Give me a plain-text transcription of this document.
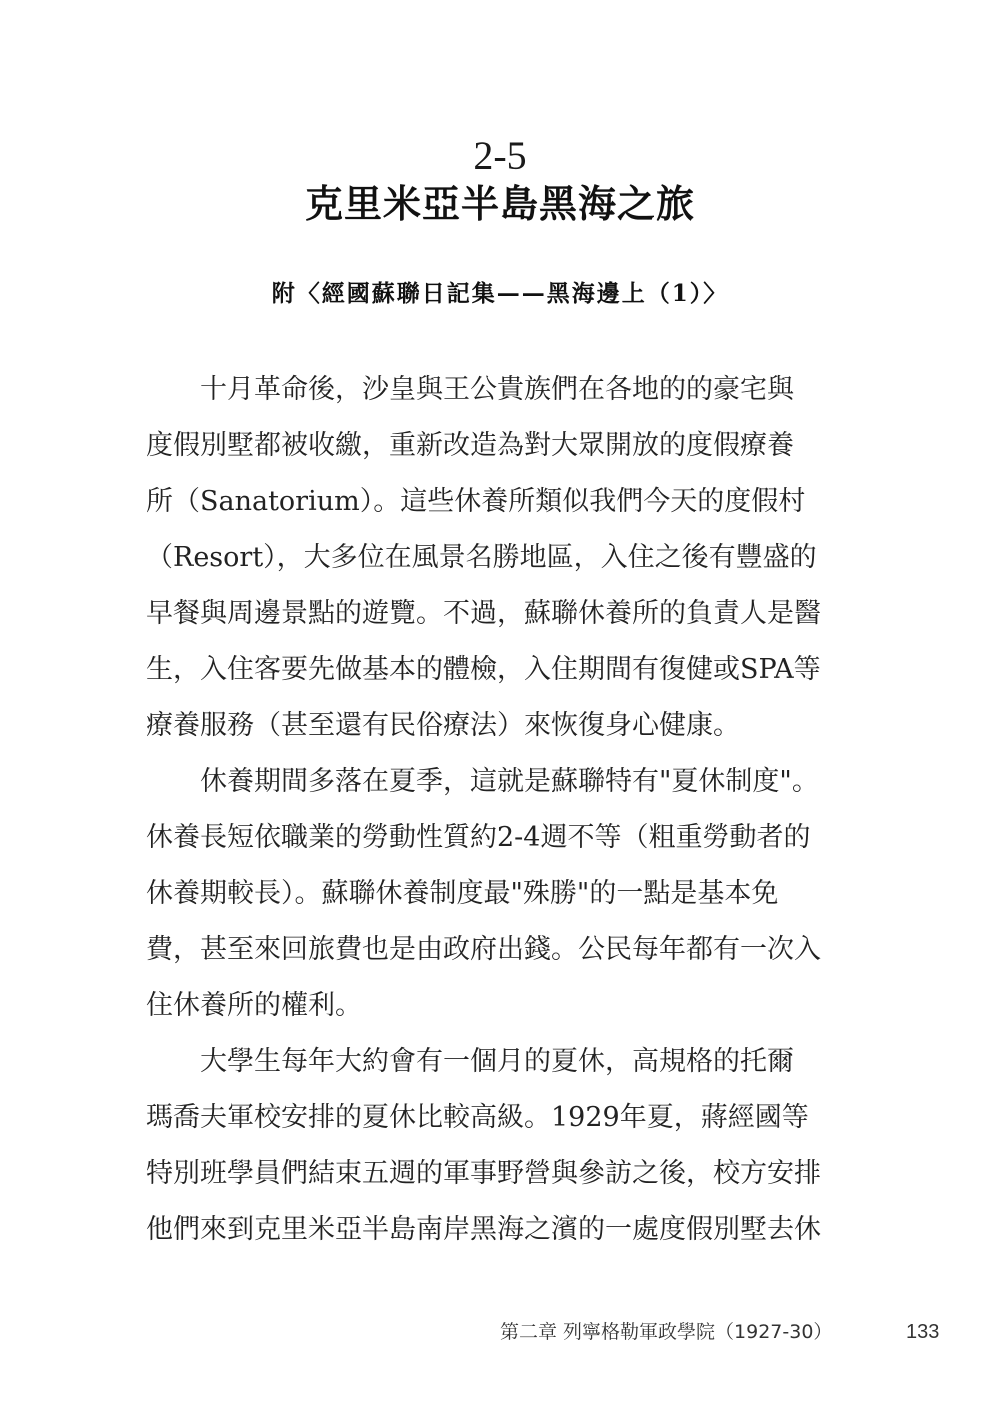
2-5
克里米亞半島黑海之旅
附〈經國蘇聯日記集——黑海邊上（1）〉

十月革命後，沙皇與王公貴族們在各地的的豪宅與
度假別墅都被收繳，重新改造為對大眾開放的度假療養
所（Sanatorium）。這些休養所類似我們今天的度假村
（Resort），大多位在風景名勝地區，入住之後有豐盛的
早餐與周邊景點的遊覽。不過，蘇聯休養所的負責人是醫
生，入住客要先做基本的體檢，入住期間有復健或SPA等
療養服務（甚至還有民俗療法）來恢復身心健康。

休養期間多落在夏季，這就是蘇聯特有"夏休制度"。
休養長短依職業的勞動性質約2-4週不等（粗重勞動者的
休養期較長）。蘇聯休養制度最"殊勝"的一點是基本免
費，甚至來回旅費也是由政府出錢。公民每年都有一次入
住休養所的權利。

大學生每年大約會有一個月的夏休，高規格的托爾
瑪喬夫軍校安排的夏休比較高級。1929年夏，蔣經國等
特別班學員們結束五週的軍事野營與參訪之後，校方安排
他們來到克里米亞半島南岸黑海之濱的一處度假別墅去休

第二章 列寧格勒軍政學院（1927-30）	133
